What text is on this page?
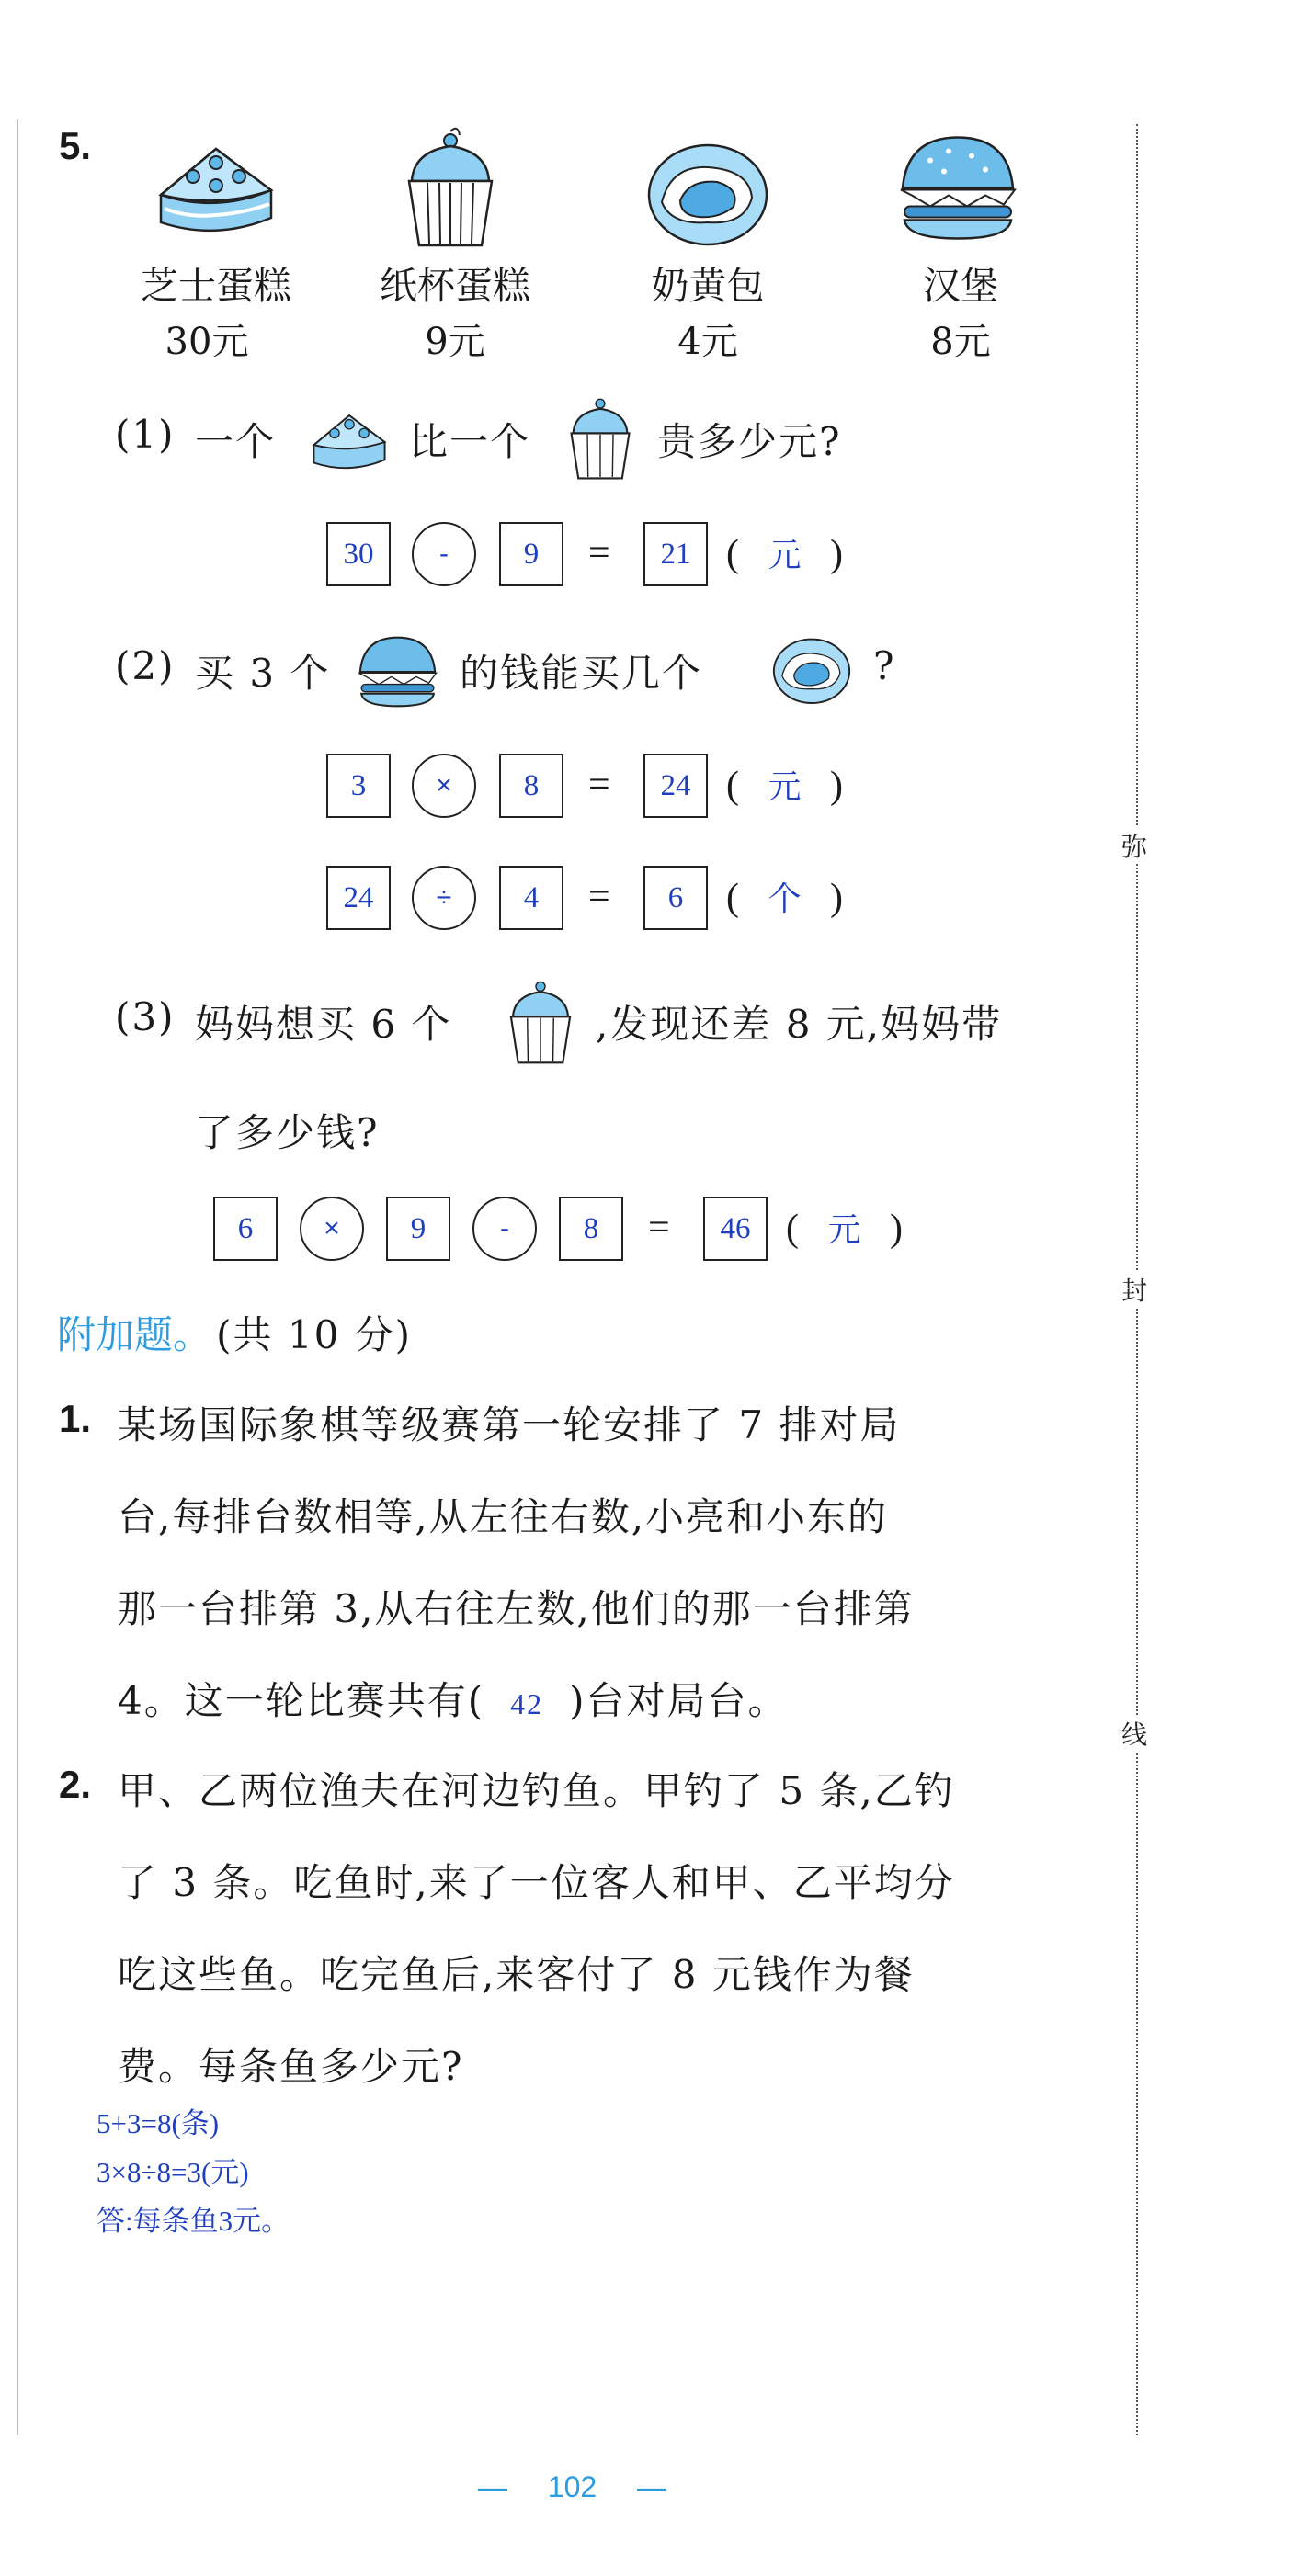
弥
封
线
5.
芝士蛋糕	纸杯蛋糕	奶黄包	汉堡
30元	9元	4元	8元
(1) 一个	比一个	贵多少元?
30	-	9	=	21 (   元   )
(2) 买 3 个	的钱能买几个	?
3	×	8	=	24 (   元   )
24	÷	4	=	6	(   个   )
(3) 妈妈想买 6 个	,发现还差 8 元,妈妈带
了多少钱?
6	×	9	-	8	=	46 (   元   )
附加题。 (共 10 分)
1. 某场国际象棋等级赛第一轮安排了 7 排对局
台,每排台数相等,从左往右数,小亮和小东的
那一台排第 3,从右往左数,他们的那一台排第
4。这一轮比赛共有( 42 )台对局台。
2. 甲、乙两位渔夫在河边钓鱼。甲钓了 5 条,乙钓
了 3 条。吃鱼时,来了一位客人和甲、乙平均分
吃这些鱼。吃完鱼后,来客付了 8 元钱作为餐
费。每条鱼多少元?
5+3=8(条)
3×8÷8=3(元)
答:每条鱼3元。
— 102 —
